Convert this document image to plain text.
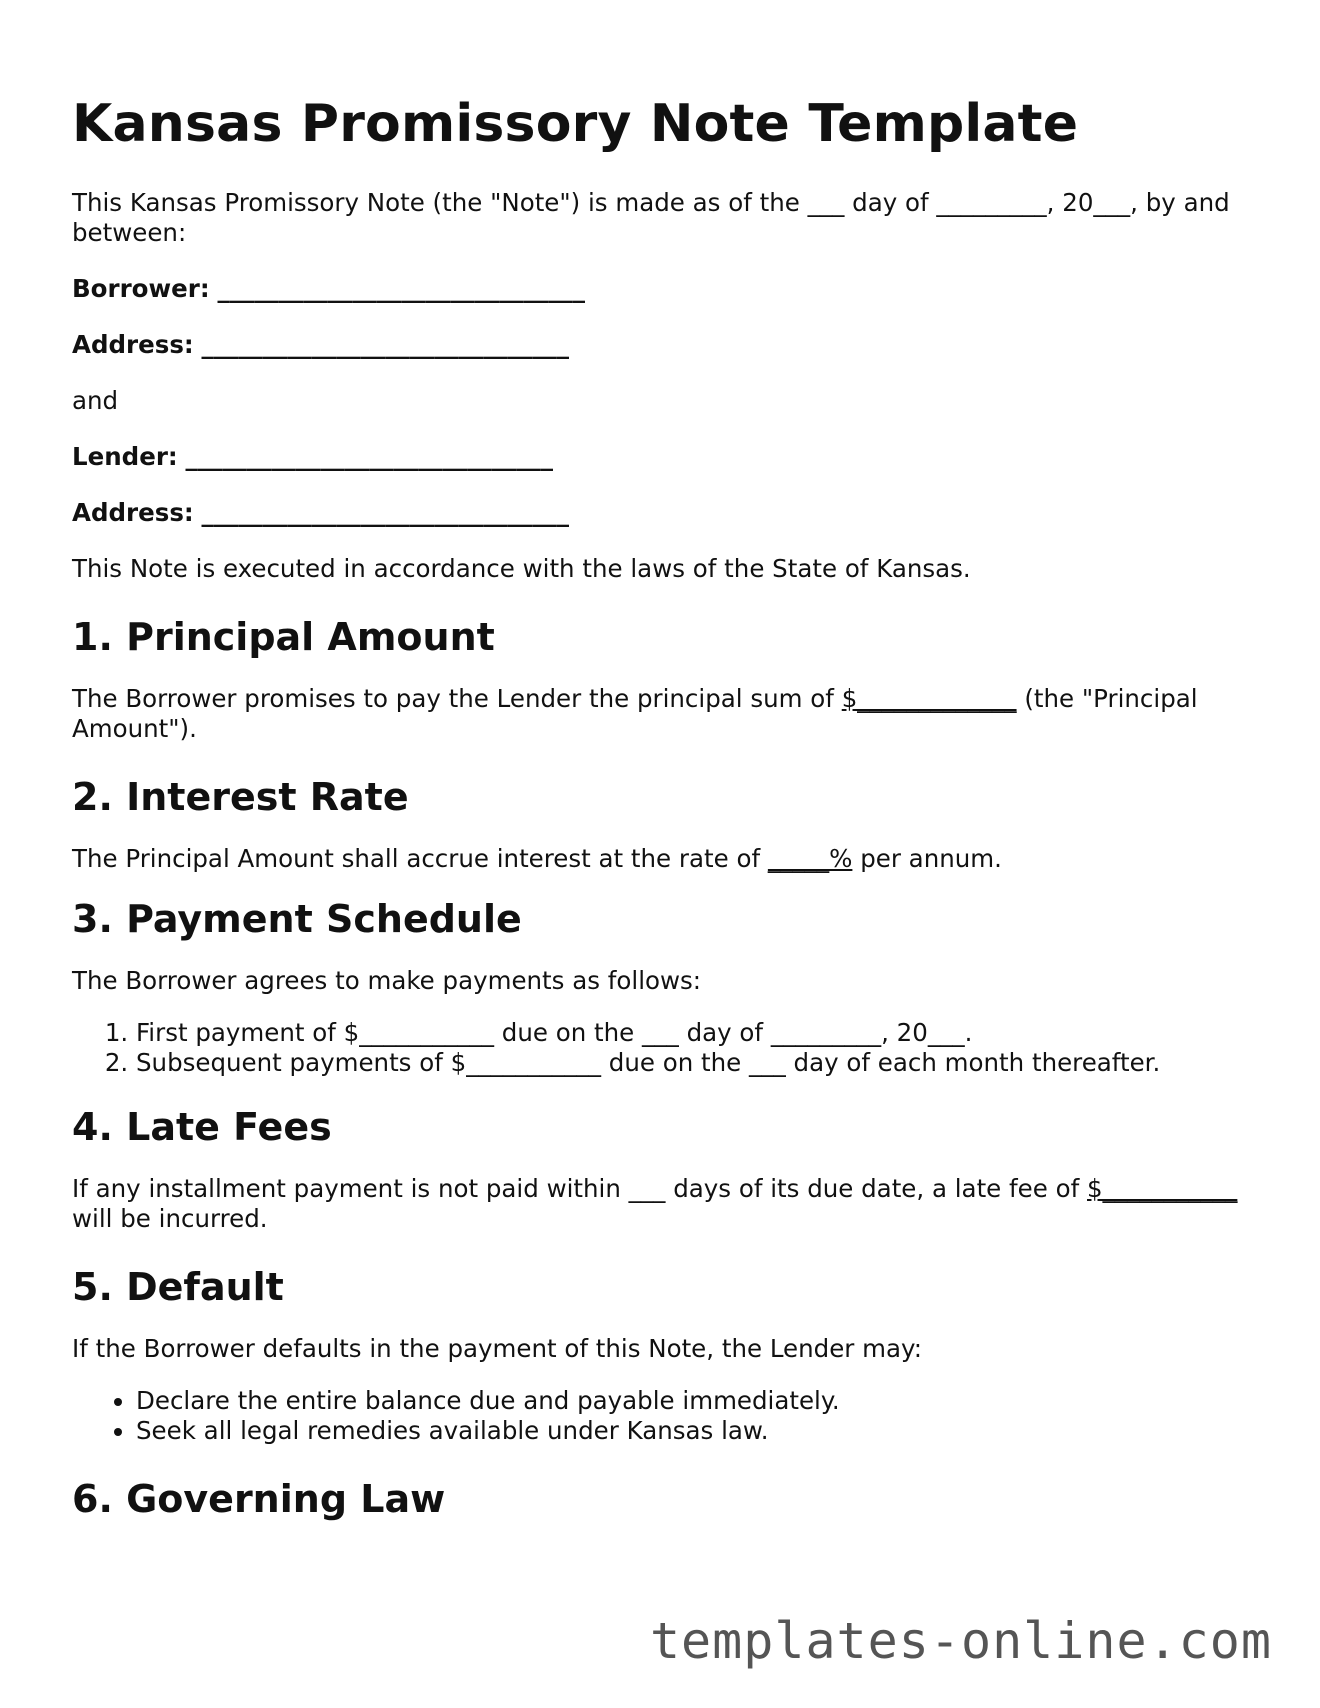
Kansas Promissory Note Template

This Kansas Promissory Note (the "Note") is made as of the ___ day of _________, 20___, by and between:

Borrower: ______________________________

Address: ______________________________

and

Lender: ______________________________

Address: ______________________________

This Note is executed in accordance with the laws of the State of Kansas.

1. Principal Amount

The Borrower promises to pay the Lender the principal sum of $_____________ (the "Principal Amount").

2. Interest Rate

The Principal Amount shall accrue interest at the rate of _____% per annum.

3. Payment Schedule

The Borrower agrees to make payments as follows:

1. First payment of $___________ due on the ___ day of _________, 20___.
2. Subsequent payments of $___________ due on the ___ day of each month thereafter.
4. Late Fees

If any installment payment is not paid within ___ days of its due date, a late fee of $___________ will be incurred.

5. Default

If the Borrower defaults in the payment of this Note, the Lender may:

• Declare the entire balance due and payable immediately.
• Seek all legal remedies available under Kansas law.
6. Governing Law
templates-online.com
